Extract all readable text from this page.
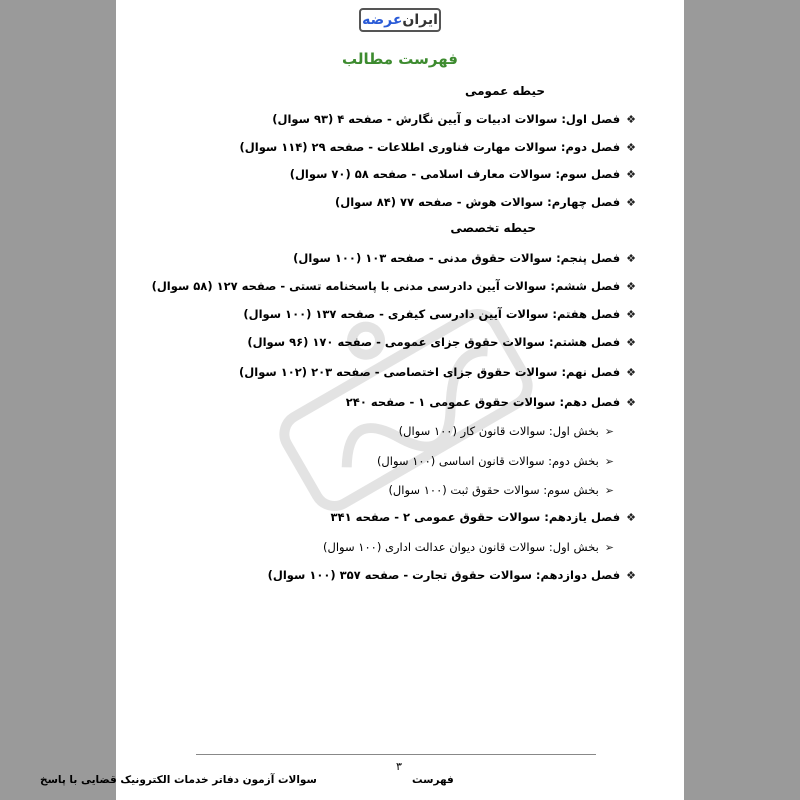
ایران
عرضه
فهرست مطالب
حیطه عمومی
حیطه تخصصی
❖
فصل اول: سوالات ادبیات و آیین نگارش - صفحه ۴ (۹۳ سوال)
❖
فصل دوم: سوالات مهارت فناوری اطلاعات - صفحه ۲۹ (۱۱۴ سوال)
❖
فصل سوم: سوالات معارف اسلامی - صفحه ۵۸ (۷۰ سوال)
❖
فصل چهارم: سوالات هوش - صفحه ۷۷ (۸۴ سوال)
❖
فصل پنجم: سوالات حقوق مدنی - صفحه ۱۰۳ (۱۰۰ سوال)
❖
فصل ششم: سوالات آیین دادرسی مدنی با پاسخنامه تستی - صفحه ۱۲۷ (۵۸ سوال)
❖
فصل هفتم: سوالات آیین دادرسی کیفری - صفحه ۱۳۷ (۱۰۰ سوال)
❖
فصل هشتم: سوالات حقوق جزای عمومی - صفحه ۱۷۰ (۹۶ سوال)
❖
فصل نهم: سوالات حقوق جزای اختصاصی - صفحه ۲۰۳ (۱۰۲ سوال)
❖
فصل دهم: سوالات حقوق عمومی ۱ - صفحه ۲۴۰
➢
بخش اول: سوالات قانون کار (۱۰۰ سوال)
➢
بخش دوم: سوالات قانون اساسی (۱۰۰ سوال)
➢
بخش سوم: سوالات حقوق ثبت (۱۰۰ سوال)
❖
فصل یازدهم: سوالات حقوق عمومی ۲ - صفحه ۳۴۱
➢
بخش اول: سوالات قانون دیوان عدالت اداری (۱۰۰ سوال)
❖
فصل دوازدهم: سوالات حقوق تجارت - صفحه ۳۵۷ (۱۰۰ سوال)
۳
سوالات آزمون دفاتر خدمات الکترونیک قضایی با پاسخ	فهرست
